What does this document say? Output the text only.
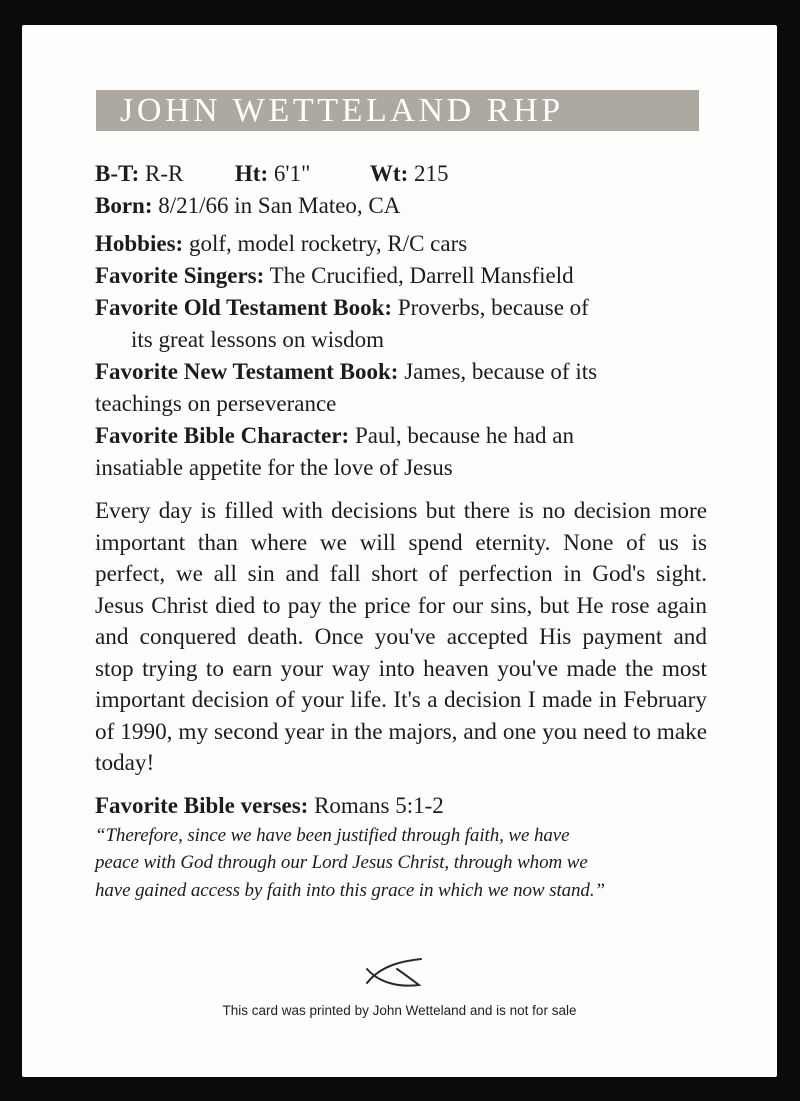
JOHN WETTELAND RHP
B-T: R-R Ht: 6'1"	Wt: 215
Born: 8/21/66 in San Mateo, CA
Hobbies: golf, model rocketry, R/C cars
Favorite Singers: The Crucified, Darrell Mansfield
Favorite Old Testament Book: Proverbs, because of
its great lessons on wisdom
Favorite New Testament Book: James, because of its
teachings on perseverance
Favorite Bible Character: Paul, because he had an
insatiable appetite for the love of Jesus
Every day is filled with decisions but there is no decision more important than where we will spend eternity. None of us is perfect, we all sin and fall short of perfection in God's sight. Jesus Christ died to pay the price for our sins, but He rose again and conquered death. Once you've accepted His payment and stop trying to earn your way into heaven you've made the most important decision of your life. It's a decision I made in February of 1990, my second year in the majors, and one you need to make today!
Favorite Bible verses: Romans 5:1-2
“Therefore, since we have been justified through faith, we have
peace with God through our Lord Jesus Christ, through whom we
have gained access by faith into this grace in which we now stand.”
This card was printed by John Wetteland and is not for sale
